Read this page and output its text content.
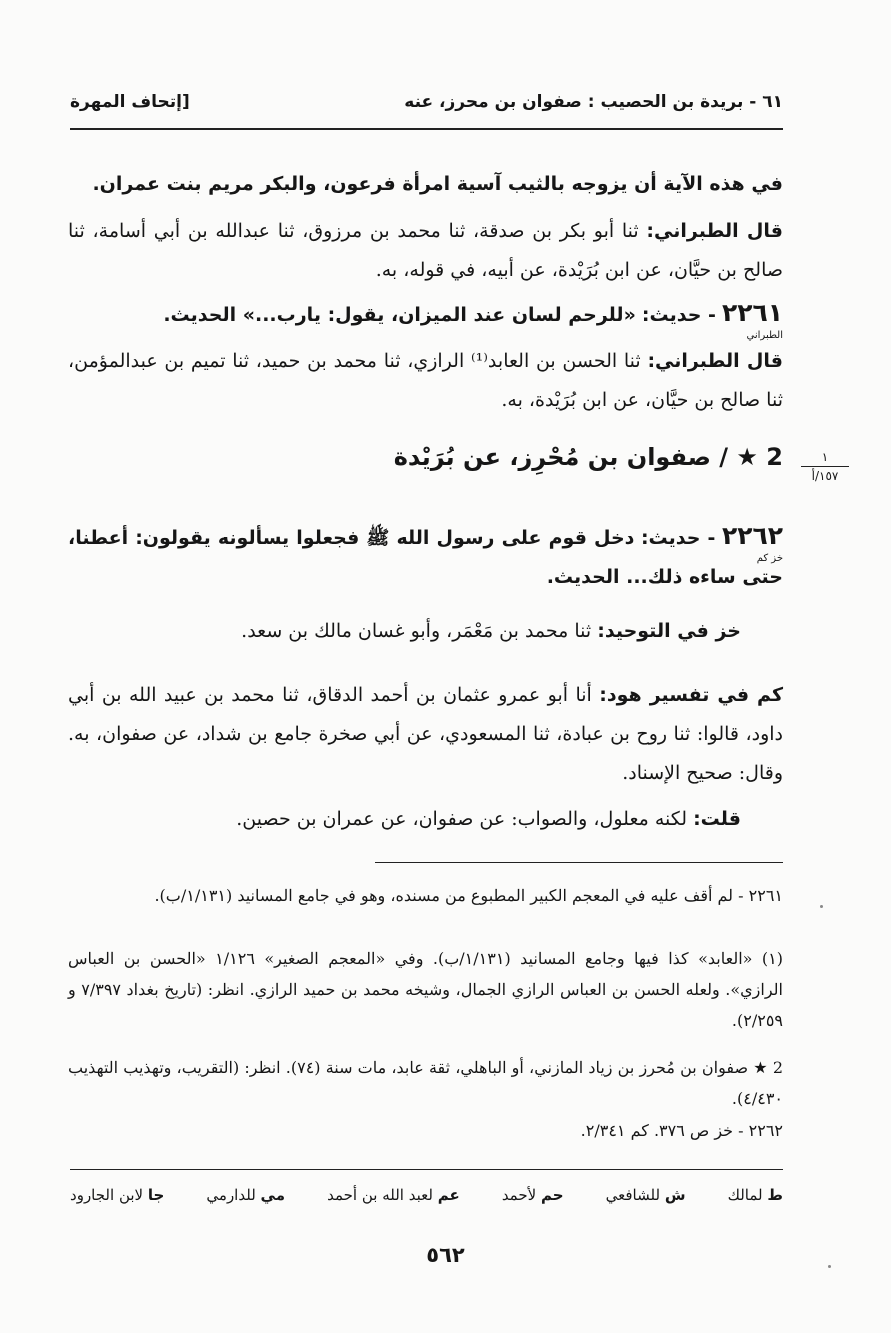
٦١ - بريدة بن الحصيب : صفوان بن محرز، عنه
[إتحاف المهرة
في هذه الآية أن يزوجه بالثيب آسية امرأة فرعون، والبكر مريم بنت عمران.
قال الطبراني: ثنا أبو بكر بن صدقة، ثنا محمد بن مرزوق، ثنا عبدالله بن أبي أسامة، ثنا صالح بن حيَّان، عن ابن بُرَيْدة، عن أبيه، في قوله، به.
٢٢٦١ - حديث: «للرحم لسان عند الميزان، يقول: يارب...» الحديث.
الطبراني
قال الطبراني: ثنا الحسن بن العابد⁽¹⁾ الرازي، ثنا محمد بن حميد، ثنا تميم بن عبدالمؤمن، ثنا صالح بن حيَّان، عن ابن بُرَيْدة، به.
2 ★ / صفوان بن مُحْرِز، عن بُرَيْدة	١
١٥٧/أ
٢٢٦٢ - حديث: دخل قوم على رسول الله ﷺ فجعلوا يسألونه يقولون: أعطنا، حتى ساءه ذلك... الحديث.
خز كم
خز في التوحيد: ثنا محمد بن مَعْمَر، وأبو غسان مالك بن سعد.
كم في تفسير هود: أنا أبو عمرو عثمان بن أحمد الدقاق، ثنا محمد بن عبيد الله بن أبي داود، قالوا: ثنا روح بن عبادة، ثنا المسعودي، عن أبي صخرة جامع بن شداد، عن صفوان، به. وقال: صحيح الإسناد.
قلت: لكنه معلول، والصواب: عن صفوان، عن عمران بن حصين.
٢٢٦١ - لم أقف عليه في المعجم الكبير المطبوع من مسنده، وهو في جامع المسانيد (١/١٣١/ب).
(١) «العابد» كذا فيها وجامع المسانيد (١/١٣١/ب). وفي «المعجم الصغير» ١/١٢٦ «الحسن بن العباس الرازي». ولعله الحسن بن العباس الرازي الجمال، وشيخه محمد بن حميد الرازي. انظر: (تاريخ بغداد ٧/٣٩٧ و ٢/٢٥٩).
2 ★ صفوان بن مُحرز بن زياد المازني، أو الباهلي، ثقة عابد، مات سنة (٧٤). انظر: (التقريب، وتهذيب التهذيب ٤/٤٣٠).
٢٢٦٢ - خز ص ٣٧٦. كم ٢/٣٤١.
ط لمالك
ش للشافعي
حم لأحمد
عم لعبد الله بن أحمد
مي للدارمي
جا لابن الجارود
٥٦٢
